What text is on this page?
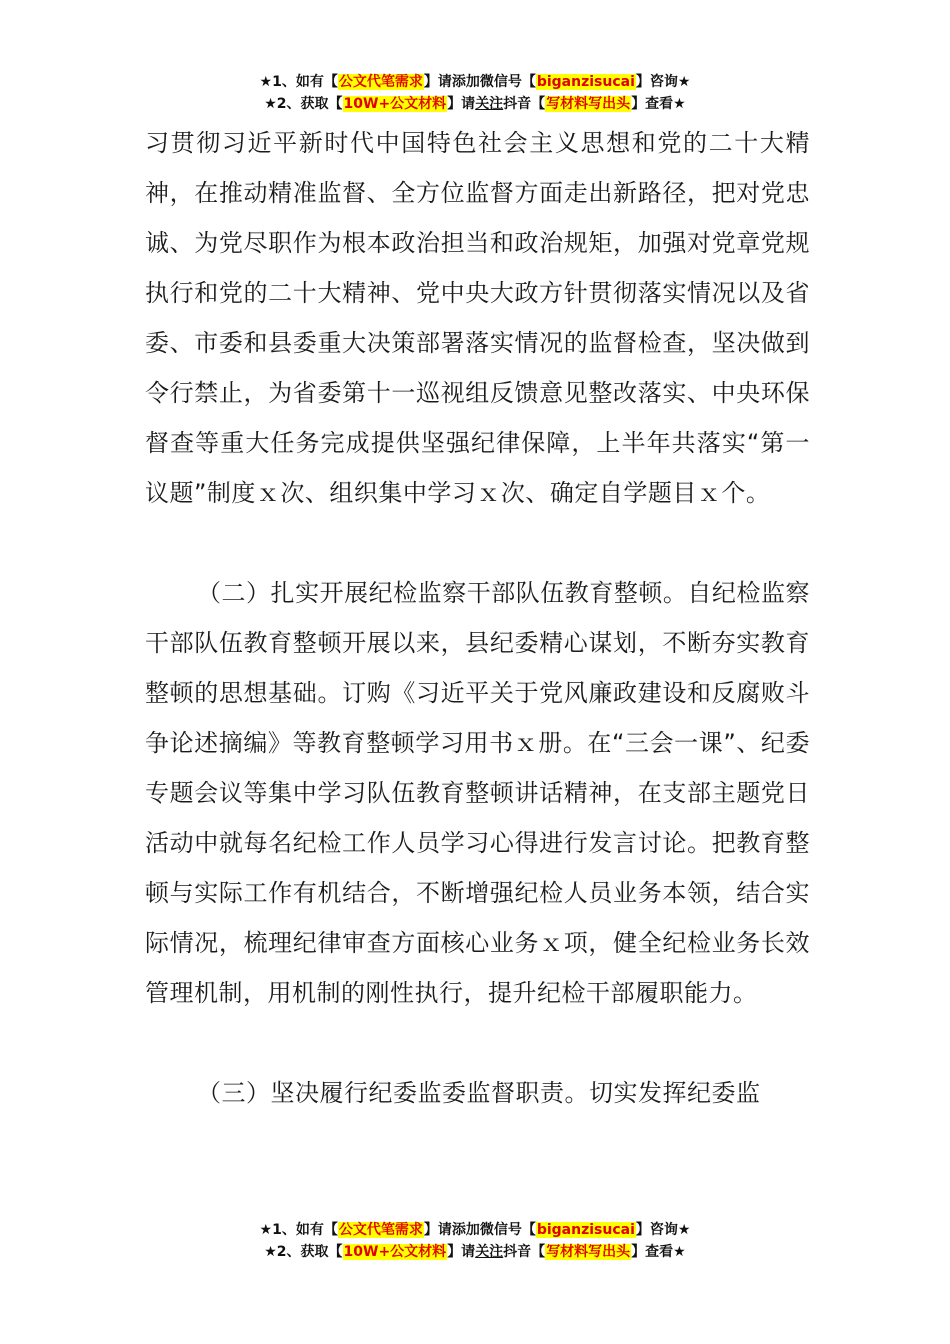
★1、如有【公文代笔需求】请添加微信号【biganzisucai】咨询★
★2、获取【10W+公文材料】请关注抖音【写材料写出头】查看★

习贯彻习近平新时代中国特色社会主义思想和党的二十大精神，在推动精准监督、全方位监督方面走出新路径，把对党忠诚、为党尽职作为根本政治担当和政治规矩，加强对党章党规执行和党的二十大精神、党中央大政方针贯彻落实情况以及省委、市委和县委重大决策部署落实情况的监督检查，坚决做到令行禁止，为省委第十一巡视组反馈意见整改落实、中央环保督查等重大任务完成提供坚强纪律保障，上半年共落实“第一议题”制度ｘ次、组织集中学习ｘ次、确定自学题目ｘ个。

（二）扎实开展纪检监察干部队伍教育整顿。自纪检监察干部队伍教育整顿开展以来，县纪委精心谋划，不断夯实教育整顿的思想基础。订购《习近平关于党风廉政建设和反腐败斗争论述摘编》等教育整顿学习用书ｘ册。在“三会一课”、纪委专题会议等集中学习队伍教育整顿讲话精神，在支部主题党日活动中就每名纪检工作人员学习心得进行发言讨论。把教育整顿与实际工作有机结合，不断增强纪检人员业务本领，结合实际情况，梳理纪律审查方面核心业务ｘ项，健全纪检业务长效管理机制，用机制的刚性执行，提升纪检干部履职能力。

（三）坚决履行纪委监委监督职责。切实发挥纪委监

★1、如有【公文代笔需求】请添加微信号【biganzisucai】咨询★
★2、获取【10W+公文材料】请关注抖音【写材料写出头】查看★
